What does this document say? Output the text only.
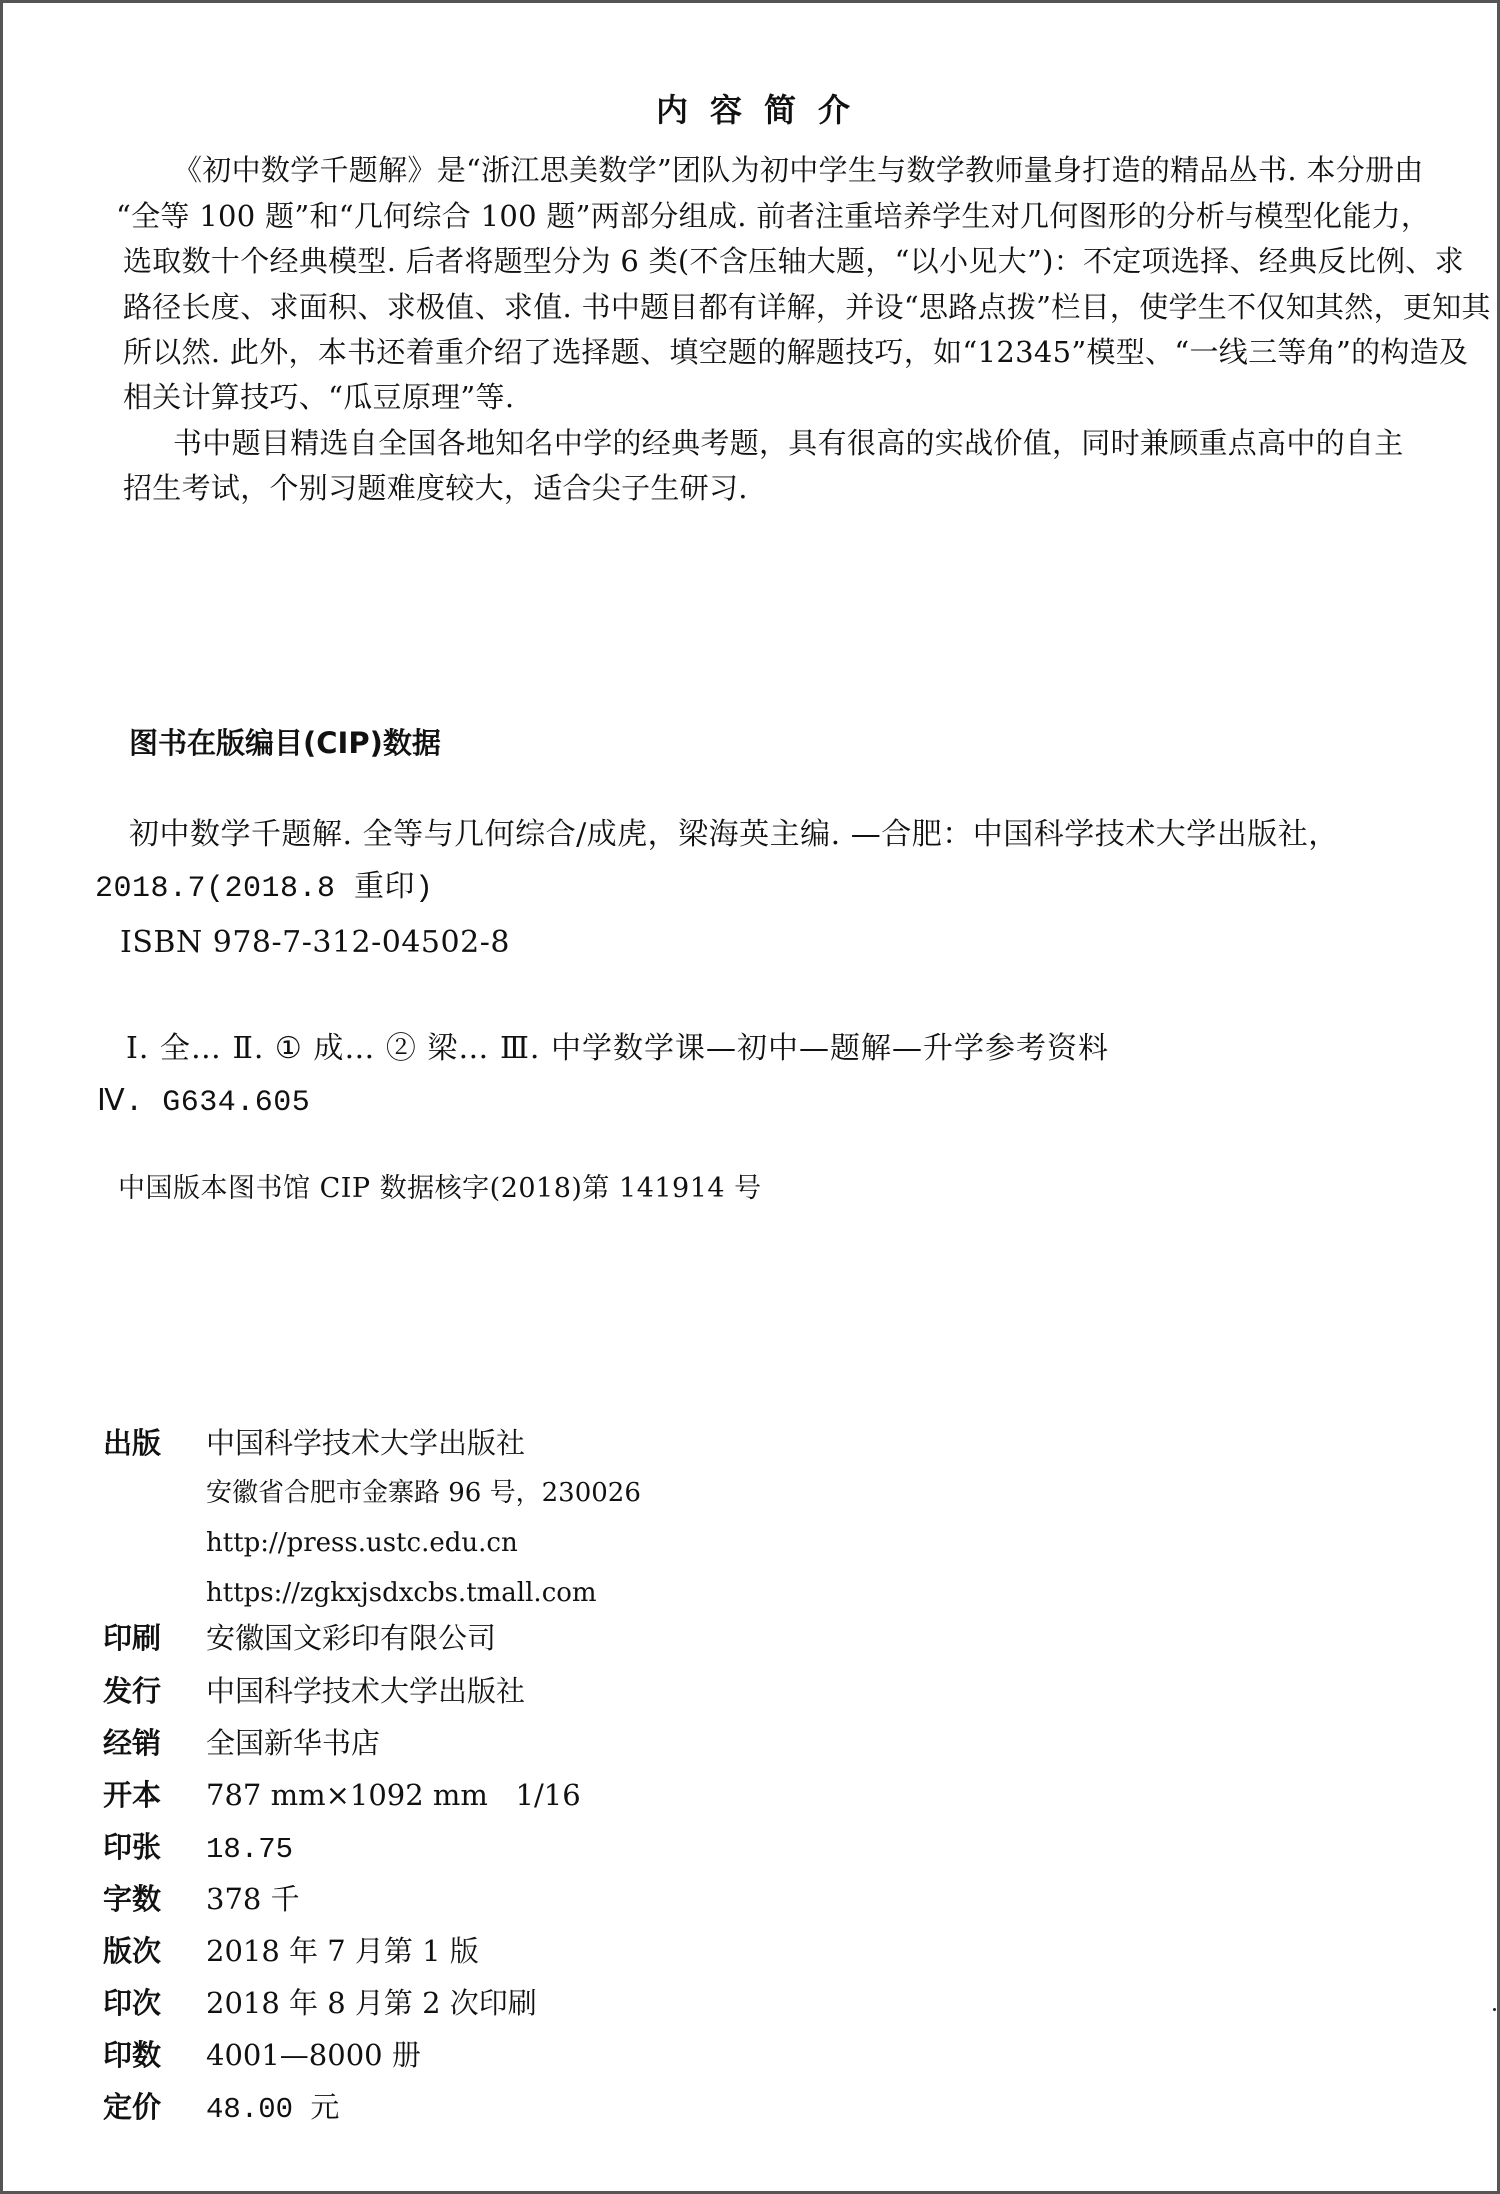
内容简介
《初中数学千题解》是“浙江思美数学”团队为初中学生与数学教师量身打造的精品丛书. 本分册由
“全等 100 题”和“几何综合 100 题”两部分组成. 前者注重培养学生对几何图形的分析与模型化能力，
选取数十个经典模型. 后者将题型分为 6 类(不含压轴大题，“以小见大”)：不定项选择、经典反比例、求
路径长度、求面积、求极值、求值. 书中题目都有详解，并设“思路点拨”栏目，使学生不仅知其然，更知其
所以然. 此外，本书还着重介绍了选择题、填空题的解题技巧，如“12345”模型、“一线三等角”的构造及
相关计算技巧、“瓜豆原理”等.
书中题目精选自全国各地知名中学的经典考题，具有很高的实战价值，同时兼顾重点高中的自主
招生考试，个别习题难度较大，适合尖子生研习.
图书在版编目(CIP)数据
初中数学千题解. 全等与几何综合/成虎，梁海英主编. —合肥：中国科学技术大学出版社，
2018.7(2018.8 重印)
ISBN 978-7-312-04502-8
Ⅰ. 全… Ⅱ. ① 成… ② 梁… Ⅲ. 中学数学课—初中—题解—升学参考资料
Ⅳ. G634.605
中国版本图书馆 CIP 数据核字(2018)第 141914 号
出版 中国科学技术大学出版社
安徽省合肥市金寨路 96 号，230026
http://press.ustc.edu.cn
https://zgkxjsdxcbs.tmall.com
印刷 安徽国文彩印有限公司
发行 中国科学技术大学出版社
经销 全国新华书店
开本 787 mm×1092 mm   1/16
印张 18.75
字数 378 千
版次 2018 年 7 月第 1 版
印次 2018 年 8 月第 2 次印刷
印数 4001—8000 册
定价 48.00 元
